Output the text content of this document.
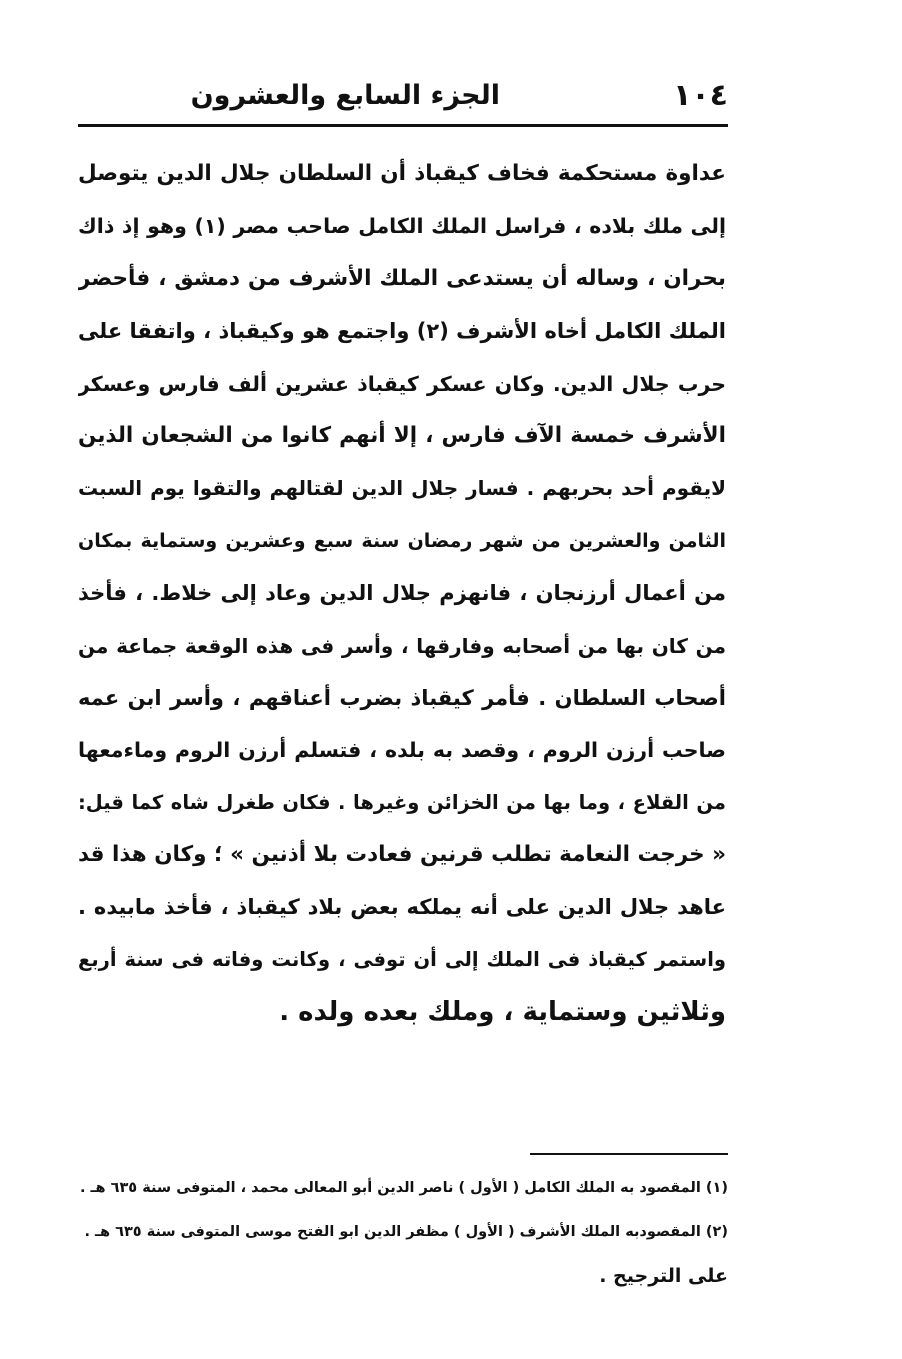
١٠٤
الجزء السابع والعشرون
عداوة مستحكمة فخاف كيقباذ أن السلطان جلال الدين يتوصل
إلى ملك بلاده ، فراسل الملك الكامل صاحب مصر (١) وهو إذ ذاك
بحران ، وساله أن يستدعى الملك الأشرف من دمشق ، فأحضر
الملك الكامل أخاه الأشرف (٢) واجتمع هو وكيقباذ ، واتفقا على
حرب جلال الدين. وكان عسكر كيقباذ عشرين ألف فارس وعسكر
الأشرف خمسة الآف فارس ، إلا أنهم كانوا من الشجعان الذين
لايقوم أحد بحربهم . فسار جلال الدين لقتالهم والتقوا يوم السبت
الثامن والعشرين من شهر رمضان سنة سبع وعشرين وستماية بمكان
من أعمال أرزنجان ، فانهزم جلال الدين وعاد إلى خلاط. ، فأخذ
من كان بها من أصحابه وفارقها ، وأسر فى هذه الوقعة جماعة من
أصحاب السلطان . فأمر كيقباذ بضرب أعناقهم ، وأسر ابن عمه
صاحب أرزن الروم ، وقصد به بلده ، فتسلم أرزن الروم وماءمعها
من القلاع ، وما بها من الخزائن وغيرها . فكان طغرل شاه كما قيل:
« خرجت النعامة تطلب قرنين فعادت بلا أذنين » ؛ وكان هذا قد
عاهد جلال الدين على أنه يملكه بعض بلاد كيقباذ ، فأخذ مابيده .
واستمر كيقباذ فى الملك إلى أن توفى ، وكانت وفاته فى سنة أربع
وثلاثين وستماية ، وملك بعده ولده .
(١) المقصود به الملك الكامل ( الأول ) ناصر الدين أبو المعالى محمد ، المتوفى سنة ٦٣٥ هـ .
(٢) المقصودبه الملك الأشرف ( الأول ) مظفر الدين ابو الفتح موسى المتوفى سنة ٦٣٥ هـ .
على الترجيح .
